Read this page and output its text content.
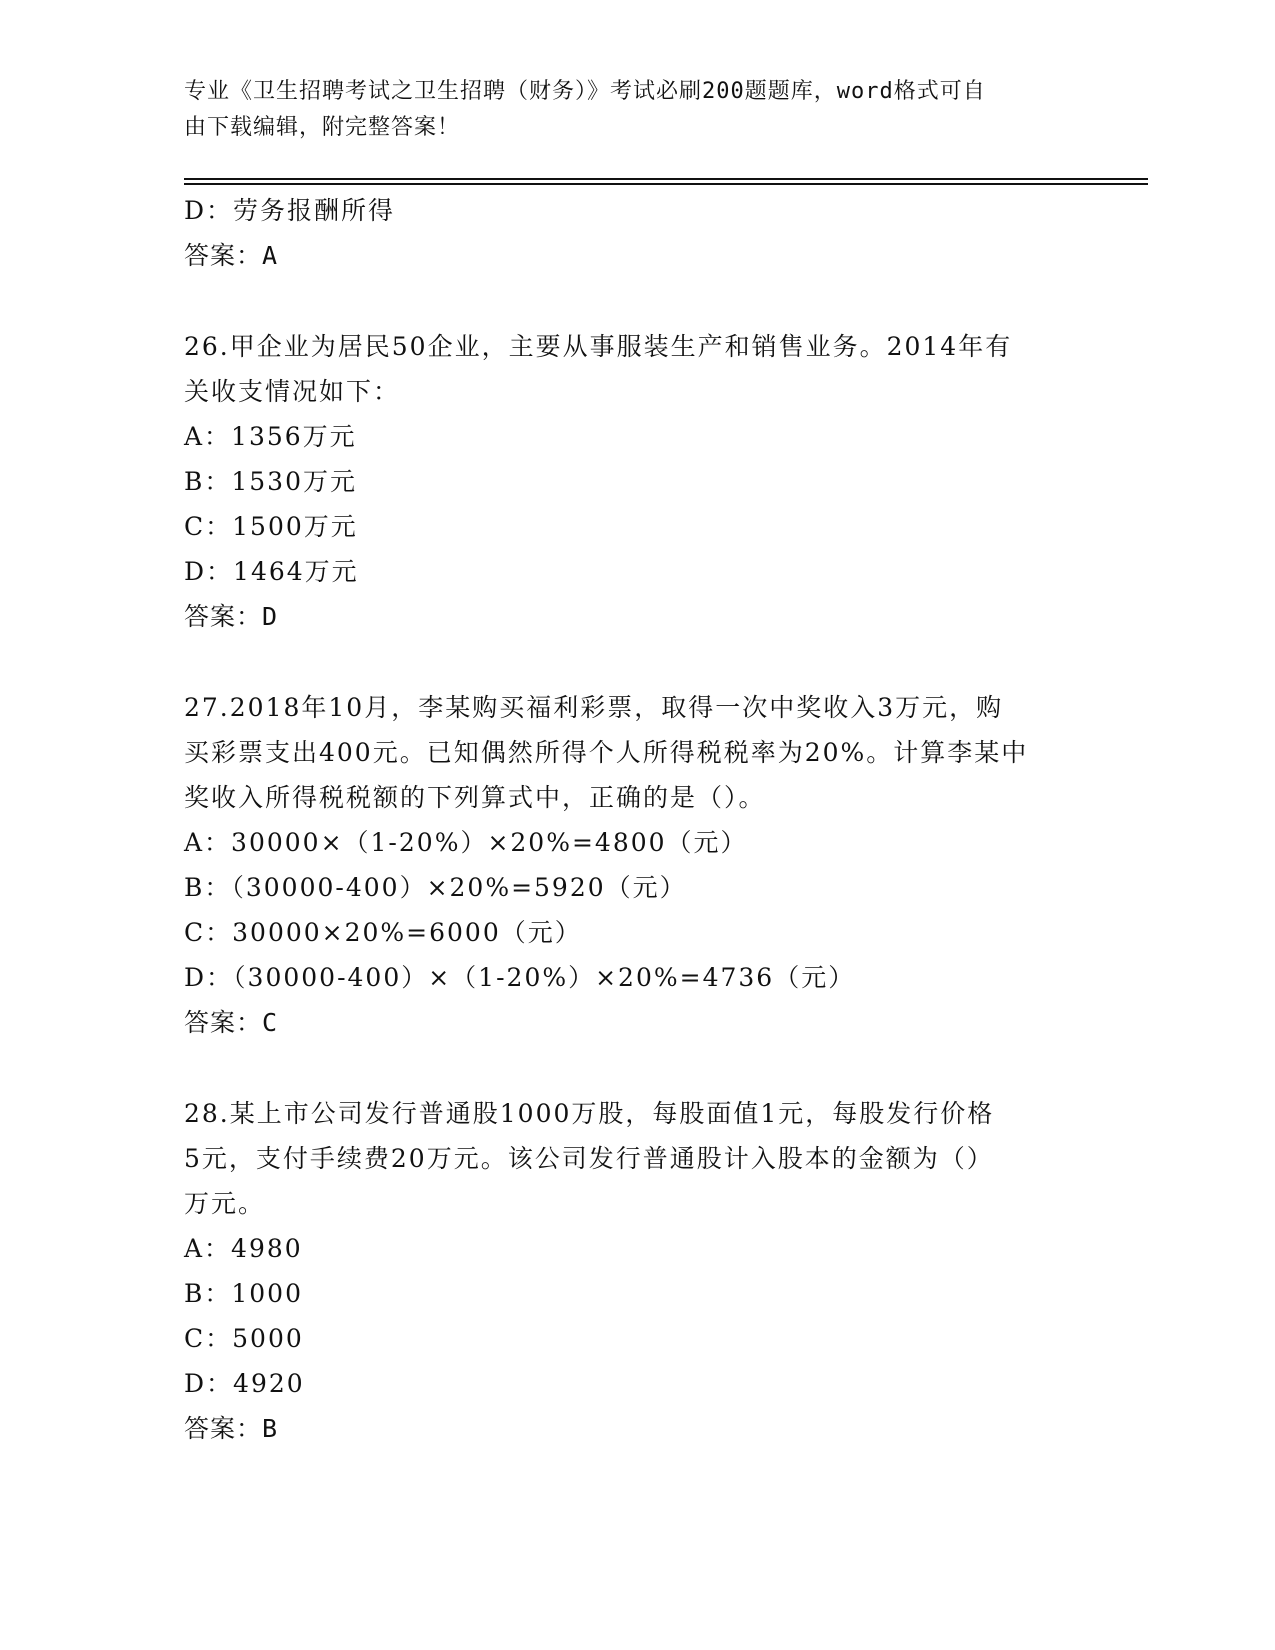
专业《卫生招聘考试之卫生招聘（财务）》考试必刷200题题库，word格式可自
由下载编辑，附完整答案！
D：劳务报酬所得
答案：A
26.甲企业为居民50企业，主要从事服装生产和销售业务。2014年有
关收支情况如下：
A：1356万元
B：1530万元
C：1500万元
D：1464万元
答案：D
27.2018年10月，李某购买福利彩票，取得一次中奖收入3万元，购
买彩票支出400元。已知偶然所得个人所得税税率为20%。计算李某中
奖收入所得税税额的下列算式中，正确的是（）。
A：30000×（1-20%）×20%=4800（元）
B：（30000-400）×20%=5920（元）
C：30000×20%=6000（元）
D：（30000-400）×（1-20%）×20%=4736（元）
答案：C
28.某上市公司发行普通股1000万股，每股面值1元，每股发行价格
5元，支付手续费20万元。该公司发行普通股计入股本的金额为（）
万元。
A：4980
B：1000
C：5000
D：4920
答案：B
